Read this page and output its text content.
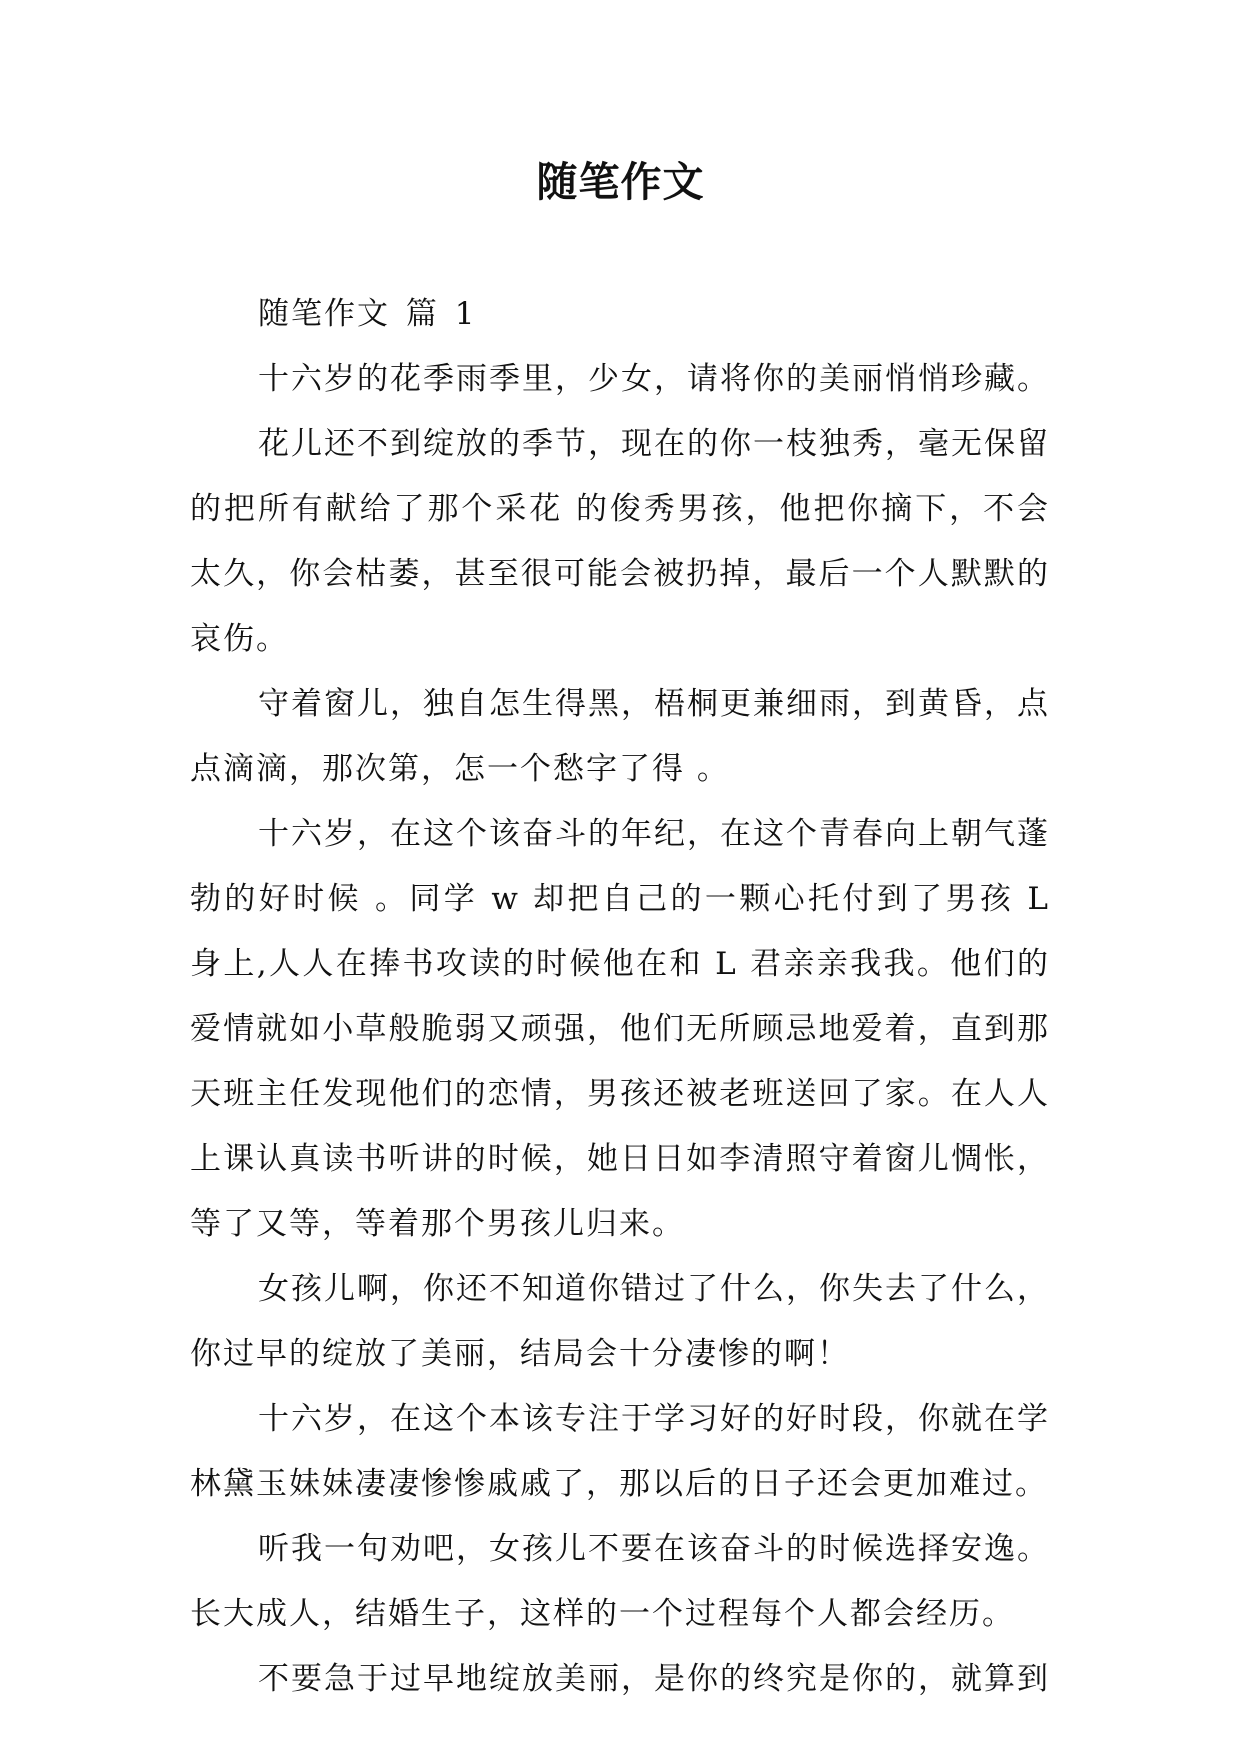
随笔作文

随笔作文 篇 1

十六岁的花季雨季里，少女，请将你的美丽悄悄珍藏。

花儿还不到绽放的季节，现在的你一枝独秀，毫无保留的把所有献给了那个采花 的俊秀男孩，他把你摘下，不会太久，你会枯萎，甚至很可能会被扔掉，最后一个人默默的哀伤。

守着窗儿，独自怎生得黑，梧桐更兼细雨，到黄昏，点点滴滴，那次第，怎一个愁字了得 。

十六岁，在这个该奋斗的年纪，在这个青春向上朝气蓬勃的好时候 。同学 w 却把自己的一颗心托付到了男孩 L 身上,人人在捧书攻读的时候他在和 L 君亲亲我我。他们的爱情就如小草般脆弱又顽强，他们无所顾忌地爱着，直到那天班主任发现他们的恋情，男孩还被老班送回了家。在人人上课认真读书听讲的时候，她日日如李清照守着窗儿惆怅，等了又等，等着那个男孩儿归来。

女孩儿啊，你还不知道你错过了什么，你失去了什么，你过早的绽放了美丽，结局会十分凄惨的啊！

十六岁，在这个本该专注于学习好的好时段，你就在学林黛玉妹妹凄凄惨惨戚戚了，那以后的日子还会更加难过。

听我一句劝吧，女孩儿不要在该奋斗的时候选择安逸。长大成人，结婚生子，这样的一个过程每个人都会经历。

不要急于过早地绽放美丽，是你的终究是你的，就算到
